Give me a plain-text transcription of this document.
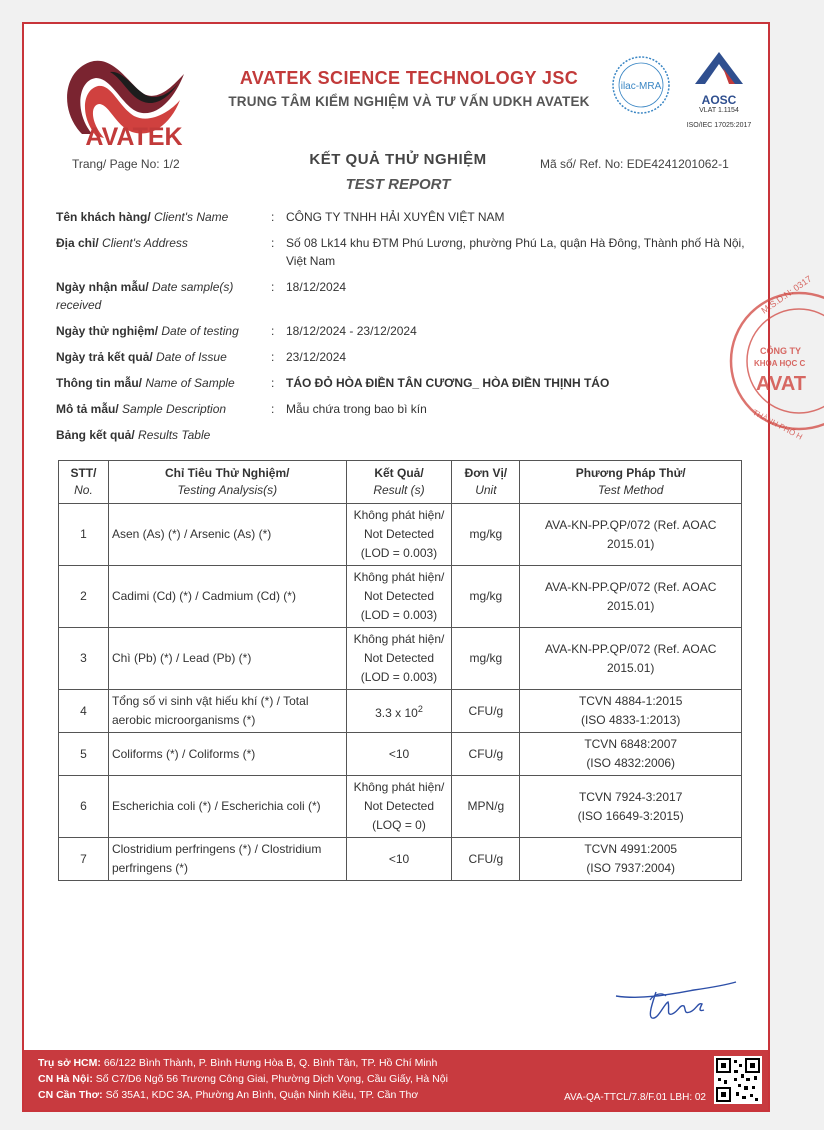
AVATEK
AVATEK SCIENCE TECHNOLOGY JSC
TRUNG TÂM KIỂM NGHIỆM VÀ TƯ VẤN UDKH AVATEK
ilac-MRA
AOSC
VLAT 1.1154
ISO/IEC 17025:2017
Trang/ Page No: 1/2	KẾT QUẢ THỬ NGHIỆM
TEST REPORT
Mã số/ Ref. No: EDE4241201062-1
Tên khách hàng/ Client's Name	: CÔNG TY TNHH HẢI XUYÊN VIỆT NAM
Địa chỉ/ Client's Address	: Số 08 Lk14 khu ĐTM Phú Lương, phường Phú La, quận Hà Đông, Thành phố Hà Nội, Việt Nam
Ngày nhận mẫu/ Date sample(s) received
: 18/12/2024
Ngày thử nghiệm/ Date of testing	: 18/12/2024 - 23/12/2024
Ngày trả kết quả/ Date of Issue	: 23/12/2024
Thông tin mẫu/ Name of Sample	: TÁO ĐỎ HÒA ĐIỀN TÂN CƯƠNG_ HÒA ĐIỀN THỊNH TÁO
Mô tả mẫu/ Sample Description	: Mẫu chứa trong bao bì kín
Bảng kết quả/ Results Table
STT/
No.	Chỉ Tiêu Thử Nghiệm/
Testing Analysis(s)	Kết Quả/
Result (s)	Đơn Vị/
Unit	Phương Pháp Thử/
Test Method
1	Asen (As) (*) / Arsenic (As) (*)	Không phát hiện/
Not Detected
(LOD = 0.003)	mg/kg	AVA-KN-PP.QP/072 (Ref. AOAC
2015.01)
2	Cadimi (Cd) (*) / Cadmium (Cd) (*)	Không phát hiện/
Not Detected
(LOD = 0.003)	mg/kg	AVA-KN-PP.QP/072 (Ref. AOAC
2015.01)
3	Chì (Pb) (*) / Lead (Pb) (*)	Không phát hiện/
Not Detected
(LOD = 0.003)	mg/kg	AVA-KN-PP.QP/072 (Ref. AOAC
2015.01)
4	Tổng số vi sinh vật hiếu khí (*) / Total aerobic microorganisms (*)	3.3 x $10^2$	CFU/g	TCVN 4884-1:2015
(ISO 4833-1:2013)
5	Coliforms (*) / Coliforms (*)	<10	CFU/g	TCVN 6848:2007
(ISO 4832:2006)
6	Escherichia coli (*) / Escherichia coli (*)	Không phát hiện/
Not Detected
(LOQ = 0)	MPN/g	TCVN 7924-3:2017
(ISO 16649-3:2015)
7	Clostridium perfringens (*) / Clostridium perfringens (*)	<10	CFU/g	TCVN 4991:2005
(ISO 7937:2004)
M.S.D.N: 0317
CÔNG TY
KHOA HỌC C
AVAT
THÀNH PHỐ H
Trụ sở HCM: 66/122 Bình Thành, P. Bình Hưng Hòa B, Q. Bình Tân, TP. Hồ Chí Minh
CN Hà Nội: Số C7/D6 Ngõ 56 Trương Công Giai, Phường Dịch Vọng, Cầu Giấy, Hà Nội
CN Cần Thơ: Số 35A1, KDC 3A, Phường An Bình, Quận Ninh Kiều, TP. Cần Thơ	AVA-QA-TTCL/7.8/F.01 LBH: 02
